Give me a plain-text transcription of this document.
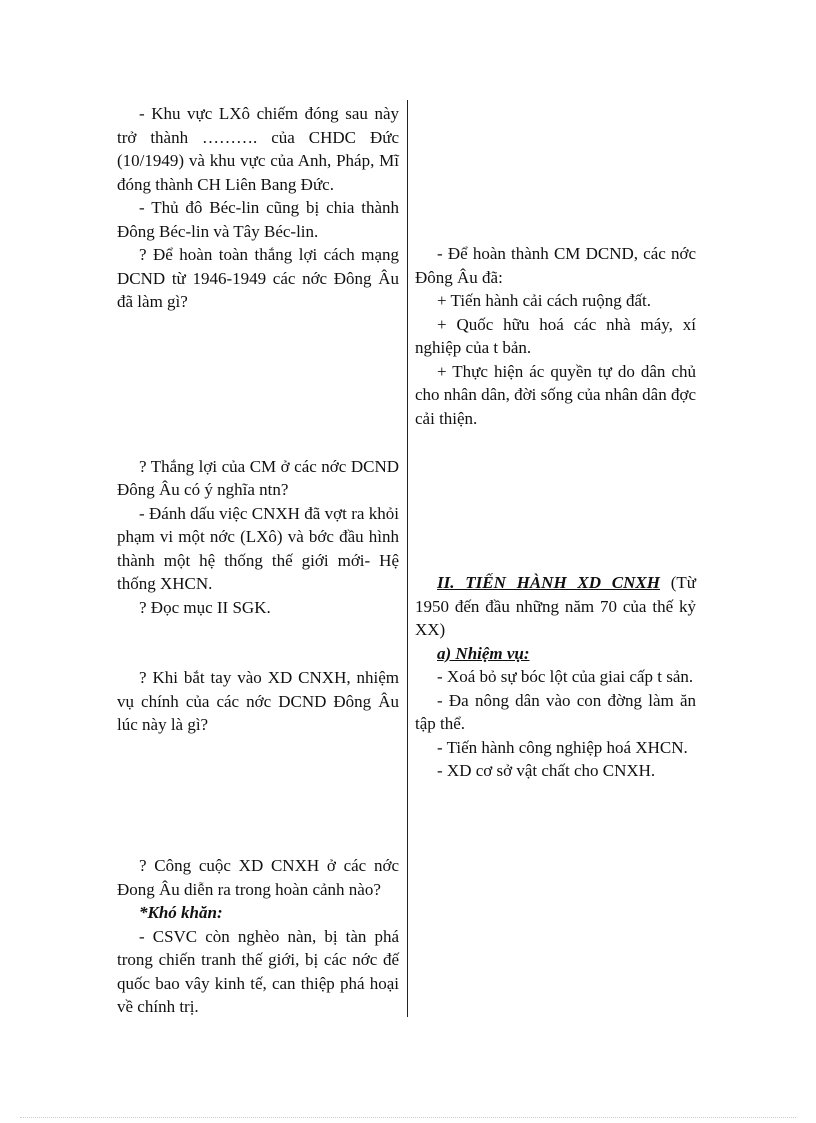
- Khu vực LXô chiếm đóng sau này trở thành ………. của CHDC Đức (10/1949) và khu vực của Anh, Pháp, Mĩ đóng thành CH Liên Bang Đức.

- Thủ đô Béc-lin cũng bị chia thành Đông Béc-lin và Tây Béc-lin.

? Để hoàn toàn thắng lợi cách mạng DCND từ 1946-1949 các nớc Đông Âu đã làm gì?

? Thắng lợi của CM ở các nớc DCND Đông Âu có ý nghĩa ntn?

- Đánh dấu việc CNXH đã vợt ra khỏi phạm vi một nớc (LXô) và bớc đầu hình thành một hệ thống thế giới mới- Hệ thống XHCN.

? Đọc mục II SGK.

? Khi bắt tay vào XD CNXH, nhiệm vụ chính của các nớc DCND Đông Âu lúc này là gì?

? Công cuộc XD CNXH ở các nớc Đong Âu diễn ra trong hoàn cảnh nào?

*Khó khăn:

- CSVC còn nghèo nàn, bị tàn phá trong chiến tranh thế giới, bị các nớc đế quốc bao vây kinh tế, can thiệp phá hoại về chính trị.

- Để hoàn thành CM DCND, các nớc Đông Âu đã:

+ Tiến hành cải cách ruộng đất.

+ Quốc hữu hoá các nhà máy, xí nghiệp của t bản.

+ Thực hiện ác quyền tự do dân chủ cho nhân dân, đời sống của nhân dân đợc cải thiện.

II. TIẾN HÀNH XD CNXH (Từ 1950 đến đầu những năm 70 của thế kỷ XX)

a) Nhiệm vụ:

- Xoá bỏ sự bóc lột của giai cấp t sản.

- Đa nông dân vào con đờng làm ăn tập thể.

- Tiến hành công nghiệp hoá XHCN.

- XD cơ sở vật chất cho CNXH.
